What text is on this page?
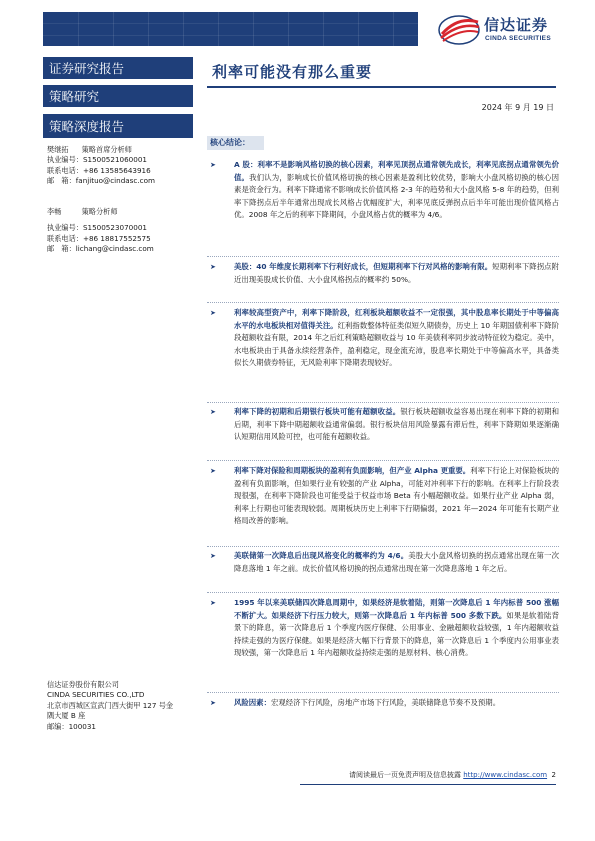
信达证券
CINDA SECURITIES
证券研究报告
策略研究
策略深度报告
樊继拓 策略首席分析师
执业编号：S1500521060001
联系电话：+86 13585643916
邮　箱：fanjituo@cindasc.com
李畅	策略分析师
执业编号：S1500523070001
联系电话：+86 18817552575
邮　箱：lichang@cindasc.com
信达证券股份有限公司
CINDA SECURITIES CO.,LTD
北京市西城区宣武门西大街甲 127 号金
隅大厦 B 座
邮编：100031
利率可能没有那么重要
2024 年 9 月 19 日
核心结论：
➤ A 股：利率不是影响风格切换的核心因素，利率见顶拐点通常领先成长，利率见底拐点通常领先价值。我们认为，影响成长价值风格切换的核心因素是盈利比较优势，影响大小盘风格切换的核心因素是资金行为。利率下降通常不影响成长价值风格 2-3 年的趋势和大小盘风格 5-8 年的趋势，但利率下降拐点后半年通常出现成长风格占优幅度扩大，利率见底反弹拐点后半年可能出现价值风格占优。2008 年之后的利率下降期间，小盘风格占优的概率为 4/6。
➤ 美股：40 年维度长期利率下行利好成长，但短期利率下行对风格的影响有限。短期利率下降拐点附近出现美股成长价值、大小盘风格拐点的概率约 50%。
➤ 利率较高型资产中，利率下降阶段，红利板块超额收益不一定很强，其中股息率长期处于中等偏高水平的水电板块相对值得关注。红利指数整体特征类似短久期债券，历史上 10 年期国债利率下降阶段超额收益有限，2014 年之后红利策略超额收益与 10 年美债利率同步波动特征较为稳定。美中，水电板块由于具备永续经营条件，盈利稳定，现金流充沛，股息率长期处于中等偏高水平，具备类似长久期债券特征，无风险利率下降期表现较好。
➤ 利率下降的初期和后期银行板块可能有超额收益。银行板块超额收益容易出现在利率下降的初期和后期，利率下降中期超额收益通常偏弱。银行板块信用风险暴露有滞后性，利率下降期如果逐渐确认短期信用风险可控，也可能有超额收益。
➤ 利率下降对保险和周期板块的盈利有负面影响，但产业 Alpha 更重要。利率下行论上对保险板块的盈利有负面影响，但如果行业有较强的产业 Alpha，可能对冲利率下行的影响。在利率上行阶段表现很强，在利率下降阶段也可能受益于权益市场 Beta 有小幅超额收益。如果行业产业 Alpha 弱，利率上行期也可能表现较弱。周期板块历史上利率下行期偏弱，2021 年—2024 年可能有长期产业格局改善的影响。
➤ 美联储第一次降息后出现风格变化的概率约为 4/6。美股大小盘风格切换的拐点通常出现在第一次降息落地 1 年之前。成长价值风格切换的拐点通常出现在第一次降息落地 1 年之后。
➤ 1995 年以来美联储四次降息周期中，如果经济是软着陆，则第一次降息后 1 年内标普 500 涨幅不断扩大。如果经济下行压力较大，则第一次降息后 1 年内标普 500 多数下跌。如果是软着陆背景下的降息，第一次降息后 1 个季度内医疗保健、公用事业、金融超额收益较强，1 年内超额收益持续走强的为医疗保健。如果是经济大幅下行背景下的降息，第一次降息后 1 个季度内公用事业表现较强，第一次降息后 1 年内超额收益持续走强的是原材料、核心消费。
➤ 风险因素：宏观经济下行风险，房地产市场下行风险，美联储降息节奏不及预期。
请阅读最后一页免责声明及信息披露 http://www.cindasc.com 2
